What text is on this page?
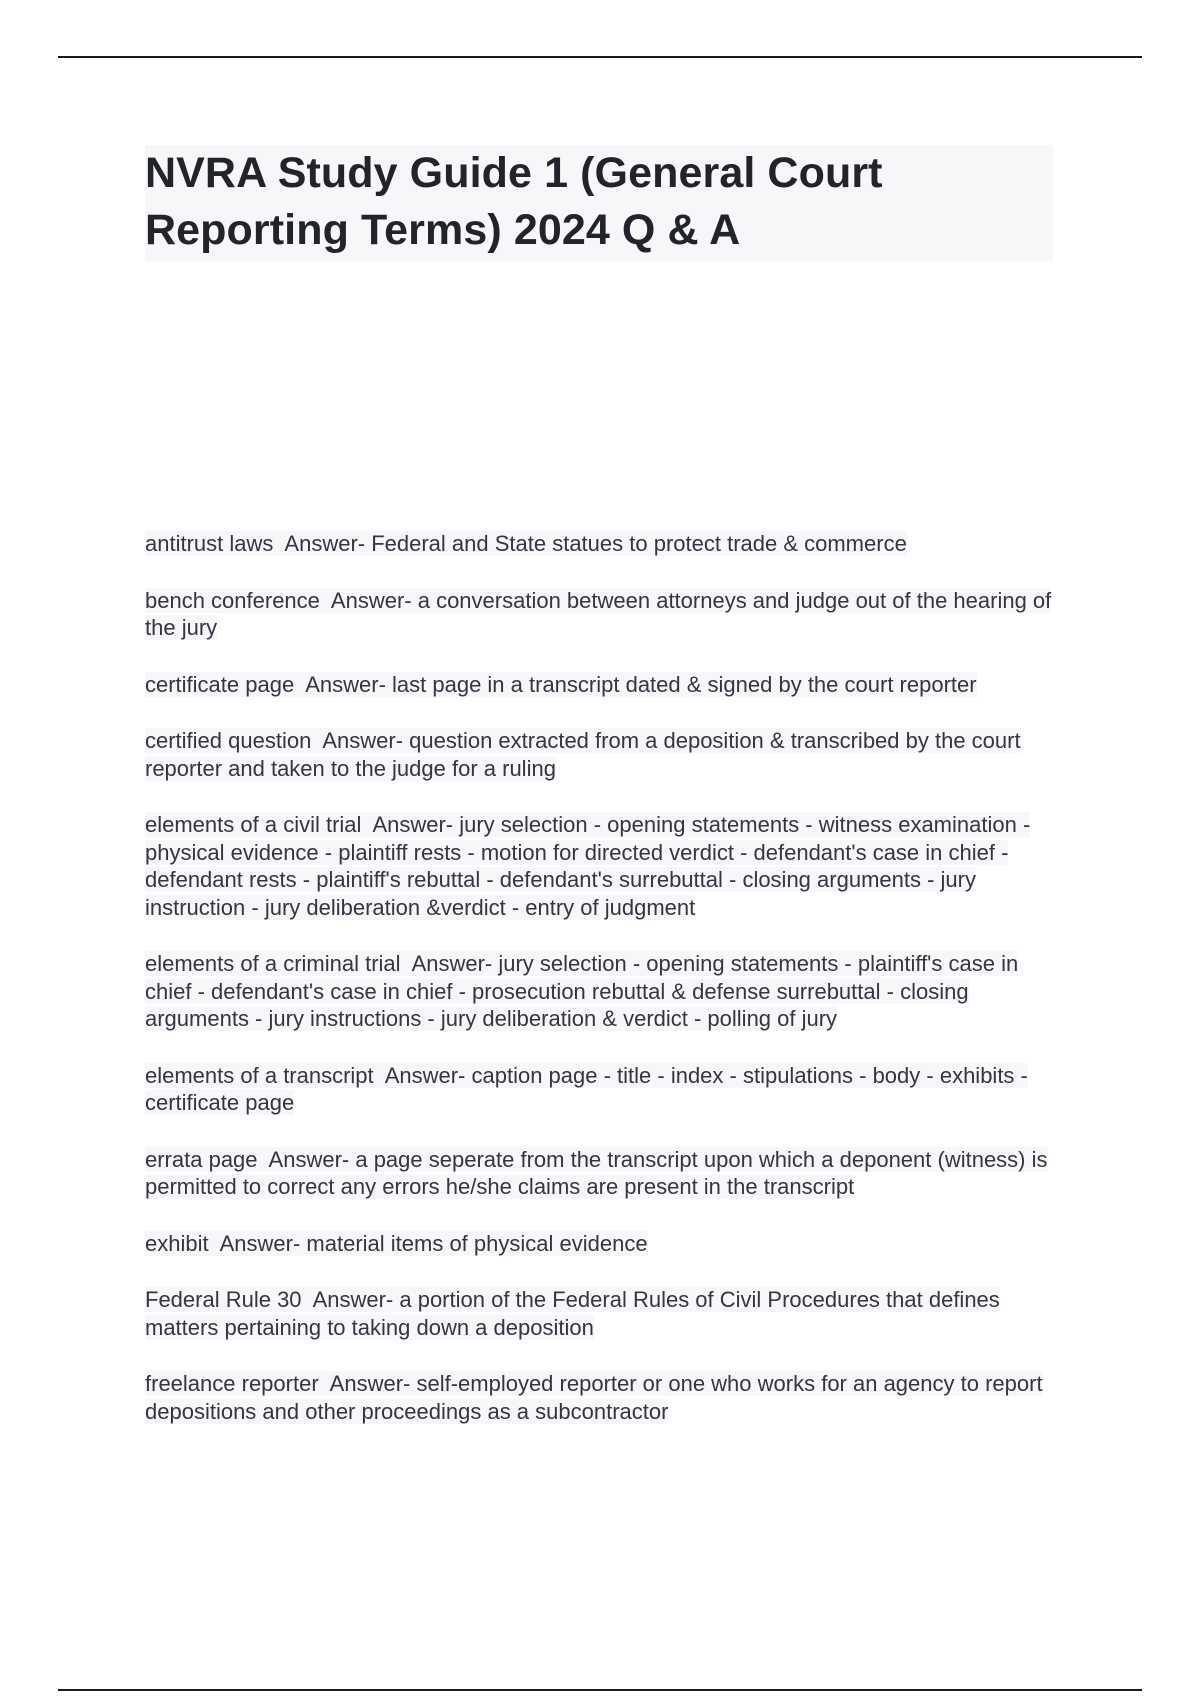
NVRA Study Guide 1 (General Court Reporting Terms) 2024 Q & A

antitrust laws Answer- Federal and State statues to protect trade & commerce

bench conference Answer- a conversation between attorneys and judge out of the hearing of the jury

certificate page Answer- last page in a transcript dated & signed by the court reporter

certified question Answer- question extracted from a deposition & transcribed by the court reporter and taken to the judge for a ruling

elements of a civil trial Answer- jury selection - opening statements - witness examination - physical evidence - plaintiff rests - motion for directed verdict - defendant's case in chief - defendant rests - plaintiff's rebuttal - defendant's surrebuttal - closing arguments - jury instruction - jury deliberation &verdict - entry of judgment

elements of a criminal trial Answer- jury selection - opening statements - plaintiff's case in chief - defendant's case in chief - prosecution rebuttal & defense surrebuttal - closing arguments - jury instructions - jury deliberation & verdict - polling of jury

elements of a transcript Answer- caption page - title - index - stipulations - body - exhibits - certificate page

errata page Answer- a page seperate from the transcript upon which a deponent (witness) is permitted to correct any errors he/she claims are present in the transcript

exhibit Answer- material items of physical evidence

Federal Rule 30 Answer- a portion of the Federal Rules of Civil Procedures that defines matters pertaining to taking down a deposition

freelance reporter Answer- self-employed reporter or one who works for an agency to report depositions and other proceedings as a subcontractor
